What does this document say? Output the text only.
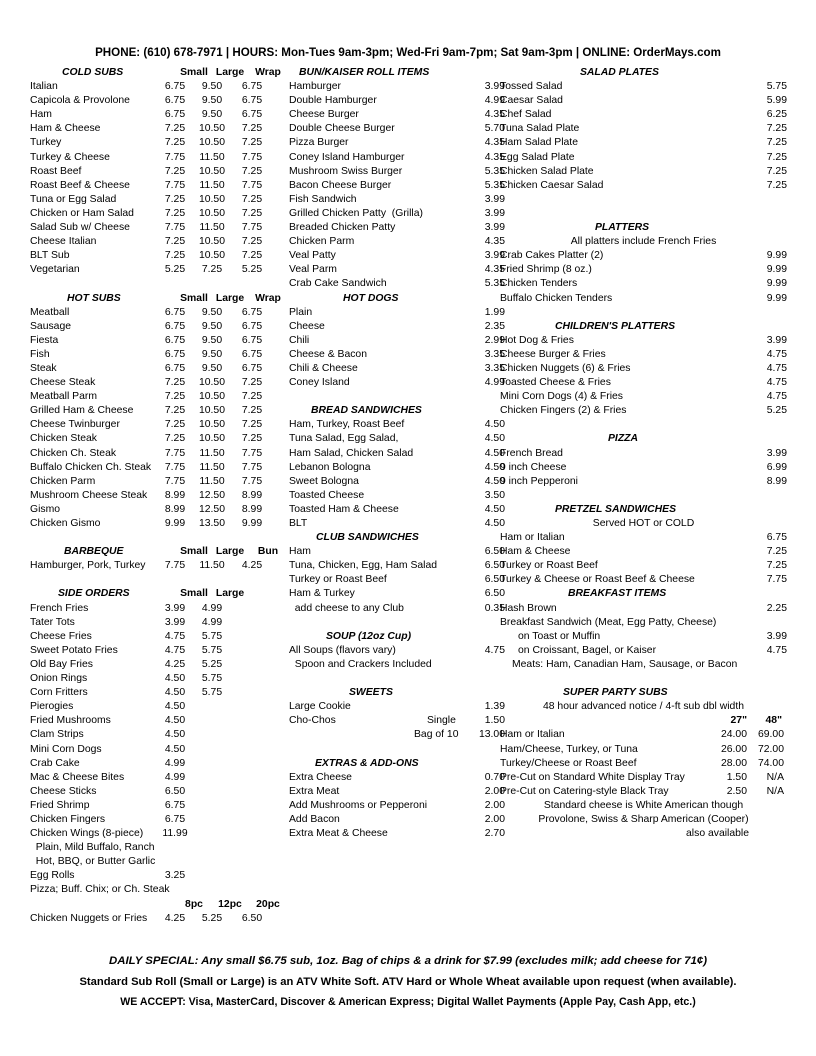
PHONE: (610) 678-7971 | HOURS: Mon-Tues 9am-3pm; Wed-Fri 9am-7pm; Sat 9am-3pm | ONLINE: OrderMays.com
COLD SUBS	Small Large	Wrap
Italian	6.75	9.50	6.75
Capicola & Provolone	6.75	9.50	6.75
Ham	6.75	9.50	6.75
Ham & Cheese	7.25	10.50	7.25
Turkey	7.25	10.50	7.25
Turkey & Cheese	7.75	11.50	7.75
Roast Beef	7.25	10.50	7.25
Roast Beef & Cheese	7.75	11.50	7.75
Tuna or Egg Salad	7.25	10.50	7.25
Chicken or Ham Salad	7.25	10.50	7.25
Salad Sub w/ Cheese	7.75	11.50	7.75
Cheese Italian	7.25	10.50	7.25
BLT Sub	7.25	10.50	7.25
Vegetarian	5.25	7.25	5.25
HOT SUBS	Small Large	Wrap
Meatball	6.75	9.50	6.75
Sausage	6.75	9.50	6.75
Fiesta	6.75	9.50	6.75
Fish	6.75	9.50	6.75
Steak	6.75	9.50	6.75
Cheese Steak	7.25	10.50	7.25
Meatball Parm	7.25	10.50	7.25
Grilled Ham & Cheese	7.25	10.50	7.25
Cheese Twinburger	7.25	10.50	7.25
Chicken Steak	7.25	10.50	7.25
Chicken Ch. Steak	7.75	11.50	7.75
Buffalo Chicken Ch. Steak	7.75	11.50	7.75
Chicken Parm	7.75	11.50	7.75
Mushroom Cheese Steak	8.99	12.50	8.99
Gismo	8.99	12.50	8.99
Chicken Gismo	9.99	13.50	9.99
BARBEQUE	Small Large	Bun
Hamburger, Pork, Turkey	7.75	11.50	4.25
SIDE ORDERS	Small Large
French Fries	3.99	4.99
Tater Tots	3.99	4.99
Cheese Fries	4.75	5.75
Sweet Potato Fries	4.75	5.75
Old Bay Fries	4.25	5.25
Onion Rings	4.50	5.75
Corn Fritters	4.50	5.75
Pierogies	4.50
Fried Mushrooms	4.50
Clam Strips	4.50
Mini Corn Dogs	4.50
Crab Cake	4.99
Mac & Cheese Bites	4.99
Cheese Sticks	6.50
Fried Shrimp	6.75
Chicken Fingers	6.75
Chicken Wings (8-piece)	11.99
Plain, Mild Buffalo, Ranch
Hot, BBQ, or Butter Garlic
Egg Rolls	3.25
Pizza; Buff. Chix; or Ch. Steak
8pc	12pc	20pc
Chicken Nuggets or Fries	4.25	5.25	6.50
BUN/KAISER ROLL ITEMS
Hamburger	3.99
Double Hamburger	4.99
Cheese Burger	4.35
Double Cheese Burger	5.70
Pizza Burger	4.35
Coney Island Hamburger	4.35
Mushroom Swiss Burger	5.35
Bacon Cheese Burger	5.35
Fish Sandwich	3.99
Grilled Chicken Patty  (Grilla)	3.99
Breaded Chicken Patty	3.99
Chicken Parm	4.35
Veal Patty	3.99
Veal Parm	4.35
Crab Cake Sandwich	5.35
HOT DOGS
Plain	1.99
Cheese	2.35
Chili	2.99
Cheese & Bacon	3.35
Chili & Cheese	3.35
Coney Island	4.99
BREAD SANDWICHES
Ham, Turkey, Roast Beef	4.50
Tuna Salad, Egg Salad,	4.50
Ham Salad, Chicken Salad	4.50
Lebanon Bologna	4.50
Sweet Bologna	4.50
Toasted Cheese	3.50
Toasted Ham & Cheese	4.50
BLT	4.50
CLUB SANDWICHES
Ham	6.50
Tuna, Chicken, Egg, Ham Salad	6.50
Turkey or Roast Beef	6.50
Ham & Turkey	6.50
add cheese to any Club	0.35
SOUP (12oz Cup)
All Soups (flavors vary)	4.75
Spoon and Crackers Included
SWEETS
Large Cookie	1.39
Cho-Chos	Single	1.50
Bag of 10 13.00
EXTRAS & ADD-ONS
Extra Cheese	0.70
Extra Meat	2.00
Add Mushrooms or Pepperoni	2.00
Add Bacon	2.00
Extra Meat & Cheese	2.70
SALAD PLATES
Tossed Salad	5.75
Caesar Salad	5.99
Chef Salad	6.25
Tuna Salad Plate	7.25
Ham Salad Plate	7.25
Egg Salad Plate	7.25
Chicken Salad Plate	7.25
Chicken Caesar Salad	7.25
PLATTERS
All platters include French Fries
Crab Cakes Platter (2)	9.99
Fried Shrimp (8 oz.)	9.99
Chicken Tenders	9.99
Buffalo Chicken Tenders	9.99
CHILDREN'S PLATTERS
Hot Dog & Fries	3.99
Cheese Burger & Fries	4.75
Chicken Nuggets (6) & Fries	4.75
Toasted Cheese & Fries	4.75
Mini Corn Dogs (4) & Fries	4.75
Chicken Fingers (2) & Fries	5.25
PIZZA
French Bread	3.99
9 inch Cheese	6.99
9 inch Pepperoni	8.99
PRETZEL SANDWICHES
Served HOT or COLD
Ham or Italian	6.75
Ham & Cheese	7.25
Turkey or Roast Beef	7.25
Turkey & Cheese or Roast Beef & Cheese	7.75
BREAKFAST ITEMS
Hash Brown	2.25
Breakfast Sandwich (Meat, Egg Patty, Cheese)
on Toast or Muffin	3.99
on Croissant, Bagel, or Kaiser	4.75
Meats: Ham, Canadian Ham, Sausage, or Bacon
SUPER PARTY SUBS
48 hour advanced notice / 4-ft sub dbl width
27" 48"
Ham or Italian	24.00 69.00
Ham/Cheese, Turkey, or Tuna	26.00 72.00
Turkey/Cheese or Roast Beef	28.00 74.00
Pre-Cut on Standard White Display Tray	1.50 N/A
Pre-Cut on Catering-style Black Tray	2.50 N/A
Standard cheese is White American though
Provolone, Swiss & Sharp American (Cooper)
also available
DAILY SPECIAL: Any small $6.75 sub, 1oz. Bag of chips & a drink for $7.99 (excludes milk; add cheese for 71¢)
Standard Sub Roll (Small or Large) is an ATV White Soft. ATV Hard or Whole Wheat available upon request (when available).
WE ACCEPT: Visa, MasterCard, Discover & American Express; Digital Wallet Payments (Apple Pay, Cash App, etc.)
